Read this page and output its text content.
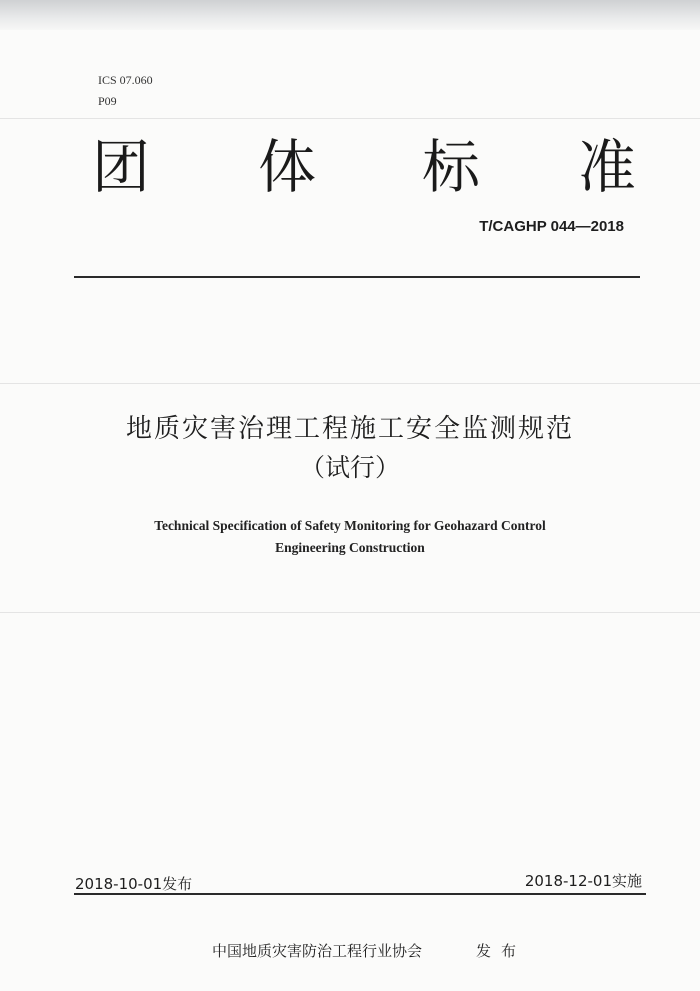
ICS 07.060
P09
团 体 标 准
T/CAGHP 044—2018
地质灾害治理工程施工安全监测规范
（试行）
Technical Specification of Safety Monitoring for Geohazard Control
Engineering Construction
2018-10-01发布	2018-12-01实施
中国地质灾害防治工程行业协会	发布
